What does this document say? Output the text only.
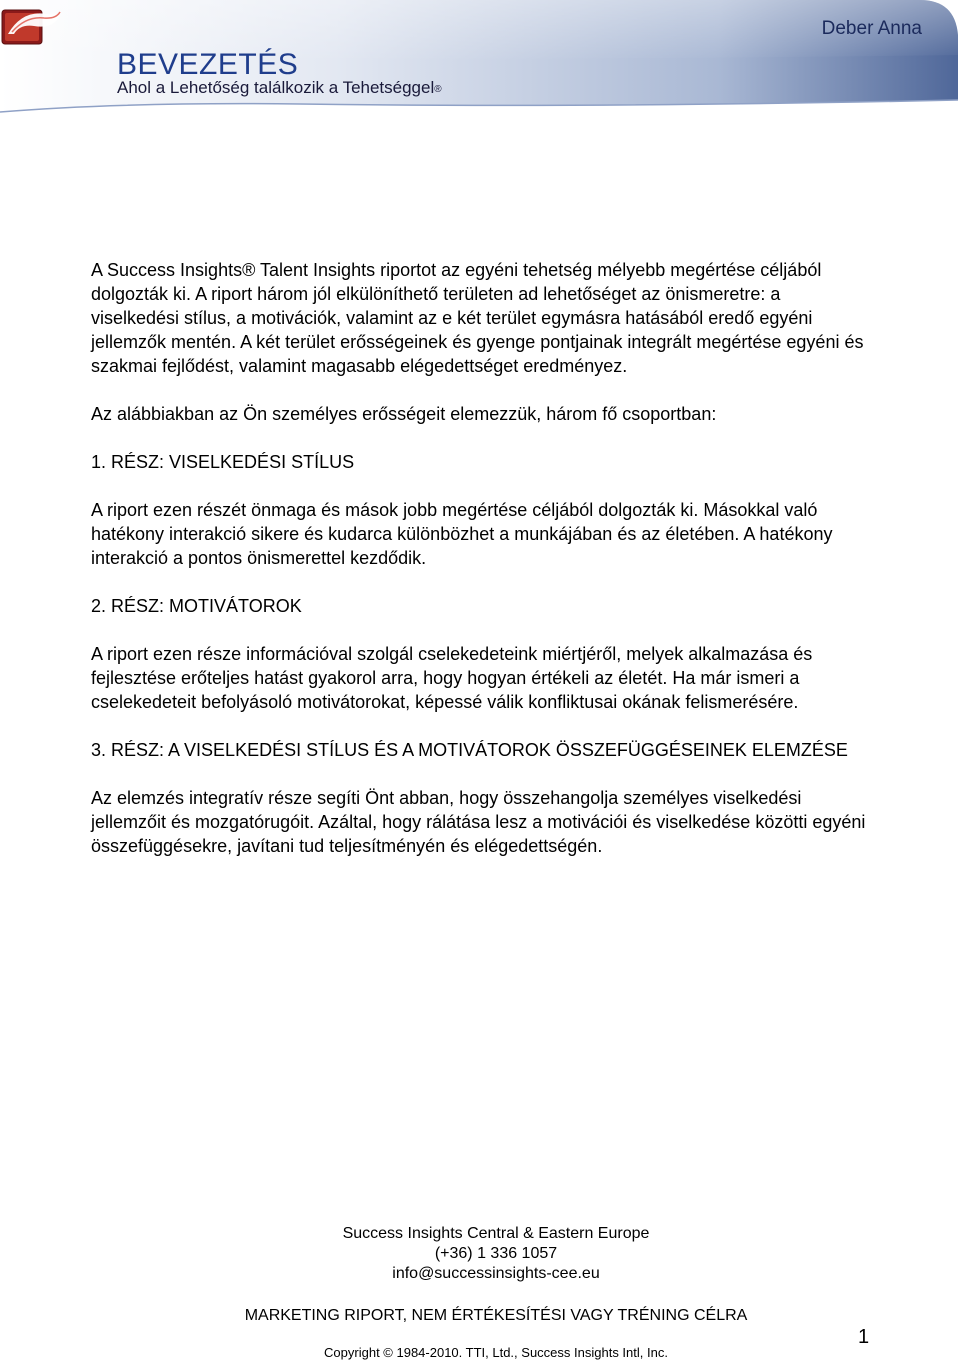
BEVEZETÉS
Ahol a Lehetőség találkozik a Tehetséggel®
Deber Anna

A Success Insights® Talent Insights riportot az egyéni tehetség mélyebb megértése céljából dolgozták ki. A riport három jól elkülöníthető területen ad lehetőséget az önismeretre: a viselkedési stílus, a motivációk, valamint az e két terület egymásra hatásából eredő egyéni jellemzők mentén. A két terület erősségeinek és gyenge pontjainak integrált megértése egyéni és szakmai fejlődést, valamint magasabb elégedettséget eredményez.

Az alábbiakban az Ön személyes erősségeit elemezzük, három fő csoportban:

1. RÉSZ: VISELKEDÉSI STÍLUS

A riport ezen részét önmaga és mások jobb megértése céljából dolgozták ki. Másokkal való hatékony interakció sikere és kudarca különbözhet a munkájában és az életében. A hatékony interakció a pontos önismerettel kezdődik.

2. RÉSZ: MOTIVÁTOROK

A riport ezen része információval szolgál cselekedeteink miértjéről, melyek alkalmazása és fejlesztése erőteljes hatást gyakorol arra, hogy hogyan értékeli az életét. Ha már ismeri a cselekedeteit befolyásoló motivátorokat, képessé válik konfliktusai okának felismerésére.

3. RÉSZ: A VISELKEDÉSI STÍLUS ÉS A MOTIVÁTOROK ÖSSZEFÜGGÉSEINEK ELEMZÉSE

Az elemzés integratív része segíti Önt abban, hogy összehangolja személyes viselkedési jellemzőit és mozgatórugóit. Azáltal, hogy rálátása lesz a motivációi és viselkedése közötti egyéni összefüggésekre, javítani tud teljesítményén és elégedettségén.

Success Insights Central & Eastern Europe
(+36) 1 336 1057
info@successinsights-cee.eu
MARKETING RIPORT, NEM ÉRTÉKESÍTÉSI VAGY TRÉNING CÉLRA
1
Copyright © 1984-2010. TTI, Ltd., Success Insights Intl, Inc.
